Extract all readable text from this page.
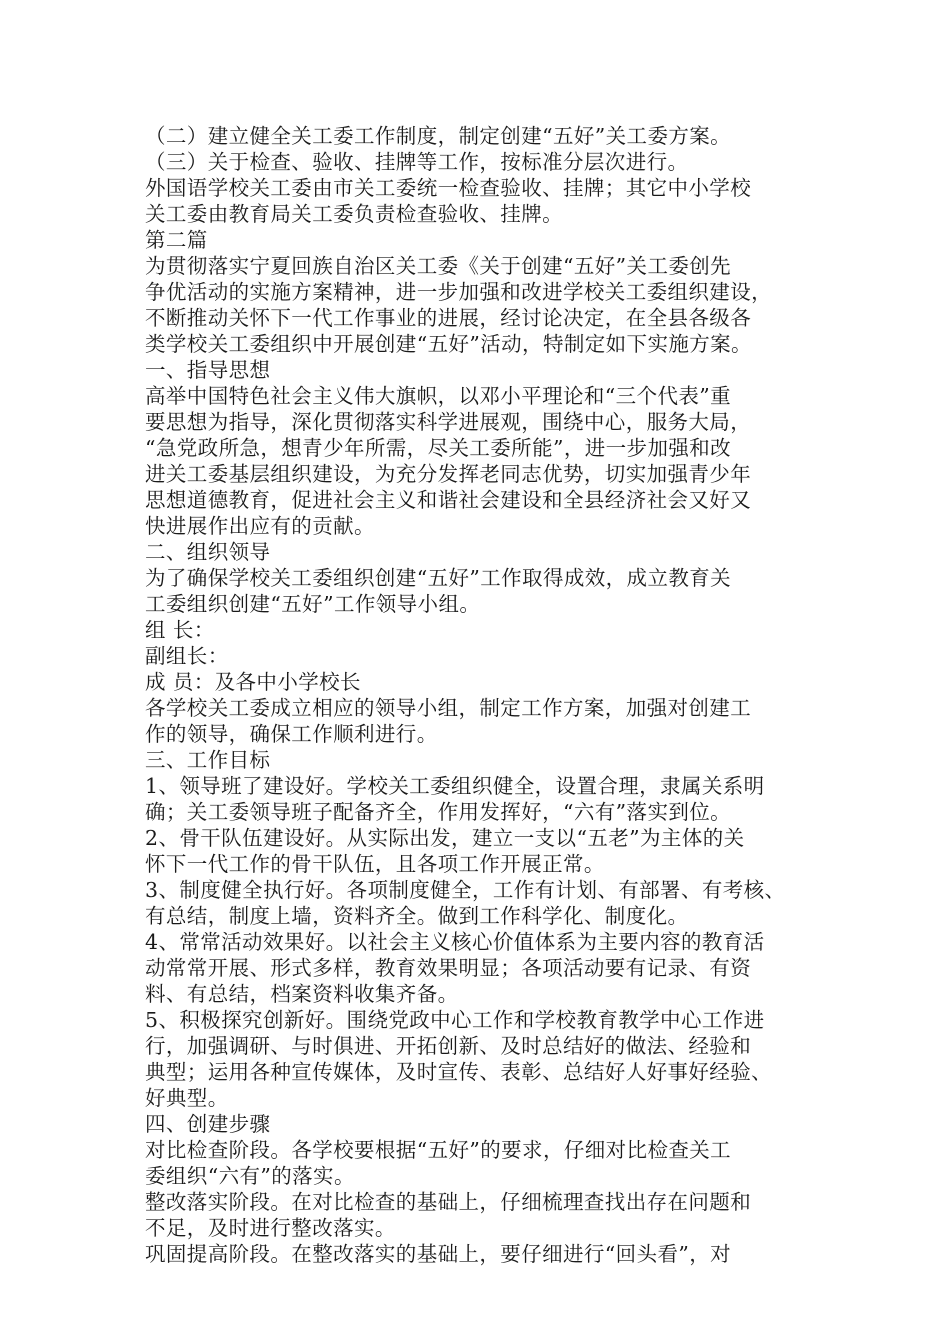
（二）建立健全关工委工作制度，制定创建“五好”关工委方案。
（三）关于检查、验收、挂牌等工作，按标准分层次进行。
外国语学校关工委由市关工委统一检查验收、挂牌；其它中小学校
关工委由教育局关工委负责检查验收、挂牌。
第二篇
为贯彻落实宁夏回族自治区关工委《关于创建“五好”关工委创先
争优活动的实施方案精神，进一步加强和改进学校关工委组织建设，
不断推动关怀下一代工作事业的进展，经讨论决定，在全县各级各
类学校关工委组织中开展创建“五好”活动，特制定如下实施方案。
一、指导思想
高举中国特色社会主义伟大旗帜，以邓小平理论和“三个代表”重
要思想为指导，深化贯彻落实科学进展观，围绕中心，服务大局，
“急党政所急，想青少年所需，尽关工委所能”，进一步加强和改
进关工委基层组织建设，为充分发挥老同志优势，切实加强青少年
思想道德教育，促进社会主义和谐社会建设和全县经济社会又好又
快进展作出应有的贡献。
二、组织领导
为了确保学校关工委组织创建“五好”工作取得成效，成立教育关
工委组织创建“五好”工作领导小组。
组 长：
副组长：
成 员：及各中小学校长
各学校关工委成立相应的领导小组，制定工作方案，加强对创建工
作的领导，确保工作顺利进行。
三、工作目标
1、领导班了建设好。学校关工委组织健全，设置合理，隶属关系明
确；关工委领导班子配备齐全，作用发挥好，“六有”落实到位。
2、骨干队伍建设好。从实际出发，建立一支以“五老”为主体的关
怀下一代工作的骨干队伍，且各项工作开展正常。
3、制度健全执行好。各项制度健全，工作有计划、有部署、有考核、
有总结，制度上墙，资料齐全。做到工作科学化、制度化。
4、常常活动效果好。以社会主义核心价值体系为主要内容的教育活
动常常开展、形式多样，教育效果明显；各项活动要有记录、有资
料、有总结，档案资料收集齐备。
5、积极探究创新好。围绕党政中心工作和学校教育教学中心工作进
行，加强调研、与时俱进、开拓创新、及时总结好的做法、经验和
典型；运用各种宣传媒体，及时宣传、表彰、总结好人好事好经验、
好典型。
四、创建步骤
对比检查阶段。各学校要根据“五好”的要求，仔细对比检查关工
委组织“六有”的落实。
整改落实阶段。在对比检查的基础上，仔细梳理查找出存在问题和
不足，及时进行整改落实。
巩固提高阶段。在整改落实的基础上，要仔细进行“回头看”，对
